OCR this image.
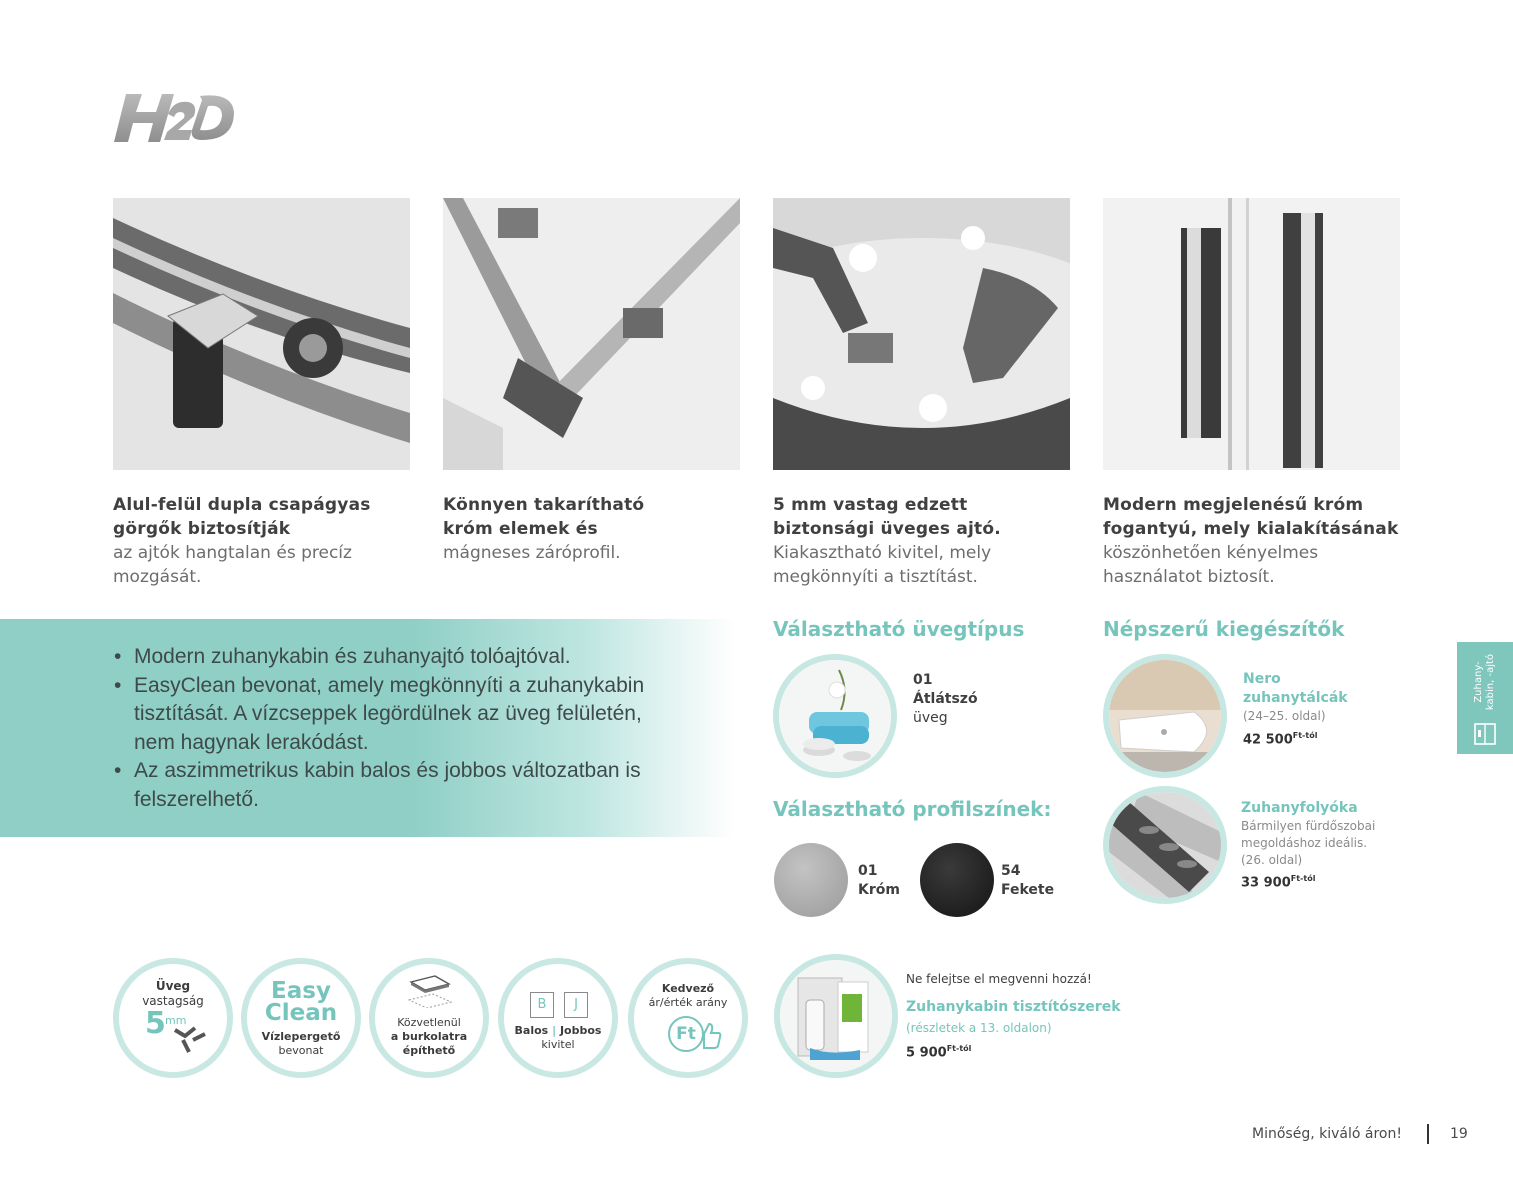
Alul-felül dupla csapágyas görgők biztosítják
az ajtók hangtalan és precíz mozgását.
Könnyen takarítható króm elemek és
mágneses záróprofil.
5 mm vastag edzett biztonsági üveges ajtó.
Kiakasztható kivitel, mely megkönnyíti a tisztítást.
Modern megjelenésű króm fogantyú, mely kialakításának
köszönhetően kényelmes használatot biztosít.
• Modern zuhanykabin és zuhanyajtó tolóajtóval.
• EasyClean bevonat, amely megkönnyíti a zuhanykabin tisztítását. A vízcseppek legördülnek az üveg felületén, nem hagynak lerakódást.
• Az aszimmetrikus kabin balos és jobbos változatban is felszerelhető.
Választható üvegtípus
01
Átlátszó
üveg
Választható profilszínek:
01
Króm
54
Fekete
Népszerű kiegészítők
Nero
zuhanytálcák
(24–25. oldal)
42 $500^{Ft-tól}$
Zuhanyfolyóka
Bármilyen fürdőszobai
megoldáshoz ideális.
(26. oldal)
33 $900^{Ft-tól}$
Zuhany- kabin, -ajtó
Üveg
vastagság
5 mm
Easy
Clean
Vízlepergető
bevonat
Közvetlenül
a burkolatra
építhető
B	J
Balos | Jobbos
kivitel
Kedvező
ár/érték arány
Ft
Ne felejtse el megvenni hozzá!
Zuhanykabin tisztítószerek
(részletek a 13. oldalon)
5 $900^{Ft-tól}$
Minőség, kiváló áron!	19
